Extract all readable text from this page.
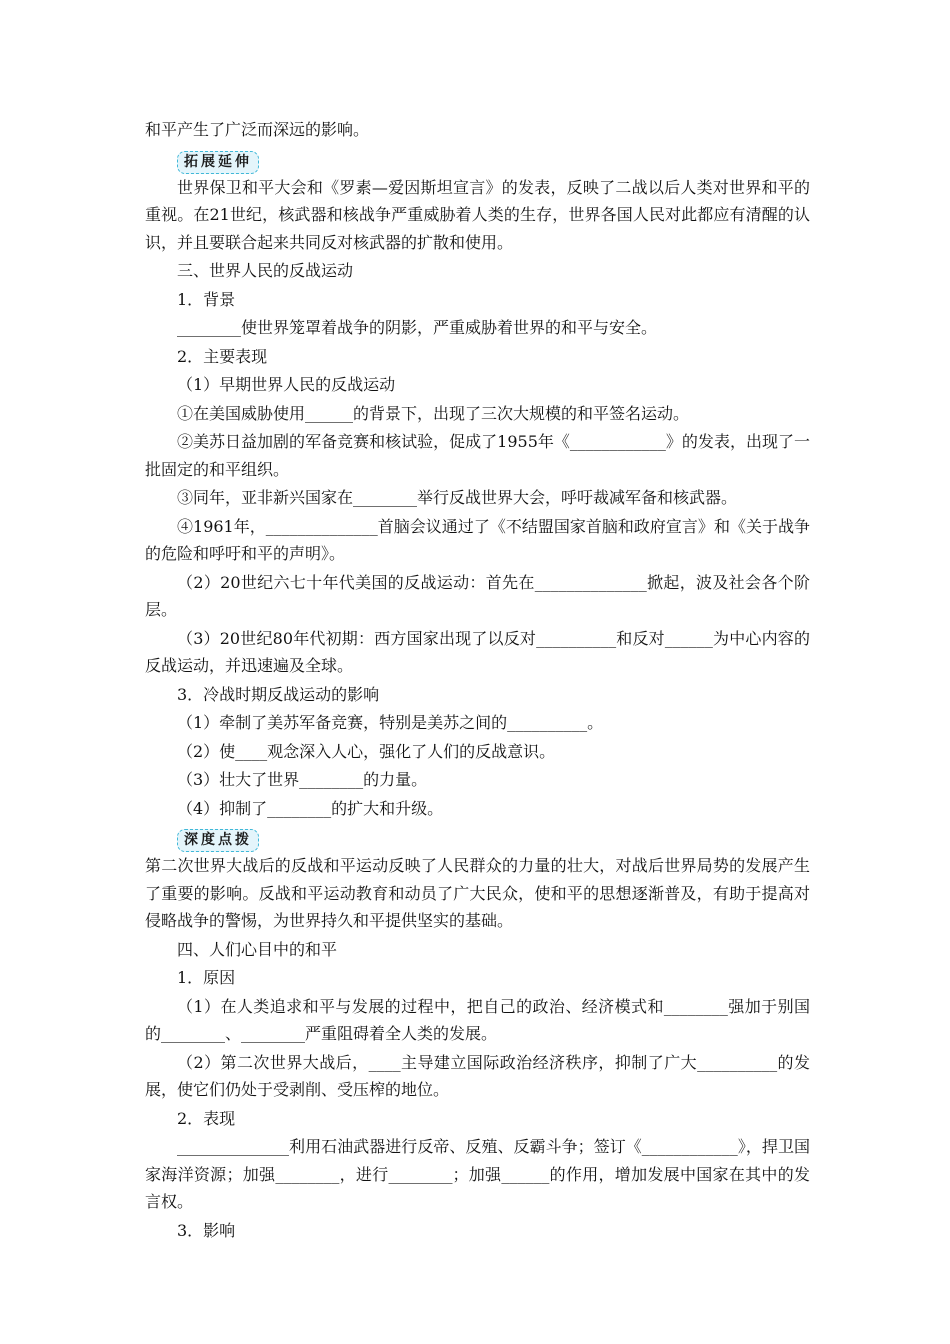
和平产生了广泛而深远的影响。

拓展延伸

世界保卫和平大会和《罗素—爱因斯坦宣言》的发表，反映了二战以后人类对世界和平的重视。在21世纪，核武器和核战争严重威胁着人类的生存，世界各国人民对此都应有清醒的认识，并且要联合起来共同反对核武器的扩散和使用。

三、世界人民的反战运动

1．背景

________使世界笼罩着战争的阴影，严重威胁着世界的和平与安全。

2．主要表现

（1）早期世界人民的反战运动

①在美国威胁使用______的背景下，出现了三次大规模的和平签名运动。

②美苏日益加剧的军备竞赛和核试验，促成了1955年《____________》的发表，出现了一批固定的和平组织。

③同年，亚非新兴国家在________举行反战世界大会，呼吁裁减军备和核武器。

④1961年，______________首脑会议通过了《不结盟国家首脑和政府宣言》和《关于战争的危险和呼吁和平的声明》。

（2）20世纪六七十年代美国的反战运动：首先在______________掀起，波及社会各个阶层。

（3）20世纪80年代初期：西方国家出现了以反对__________和反对______为中心内容的反战运动，并迅速遍及全球。

3．冷战时期反战运动的影响

（1）牵制了美苏军备竞赛，特别是美苏之间的__________。

（2）使____观念深入人心，强化了人们的反战意识。

（3）壮大了世界________的力量。

（4）抑制了________的扩大和升级。

深度点拨

第二次世界大战后的反战和平运动反映了人民群众的力量的壮大，对战后世界局势的发展产生了重要的影响。反战和平运动教育和动员了广大民众，使和平的思想逐渐普及，有助于提高对侵略战争的警惕，为世界持久和平提供坚实的基础。

四、人们心目中的和平

1．原因

（1）在人类追求和平与发展的过程中，把自己的政治、经济模式和________强加于别国的________、________严重阻碍着全人类的发展。

（2）第二次世界大战后，____主导建立国际政治经济秩序，抑制了广大__________的发展，使它们仍处于受剥削、受压榨的地位。

2．表现

______________利用石油武器进行反帝、反殖、反霸斗争；签订《____________》，捍卫国家海洋资源；加强________，进行________；加强______的作用，增加发展中国家在其中的发言权。

3．影响
